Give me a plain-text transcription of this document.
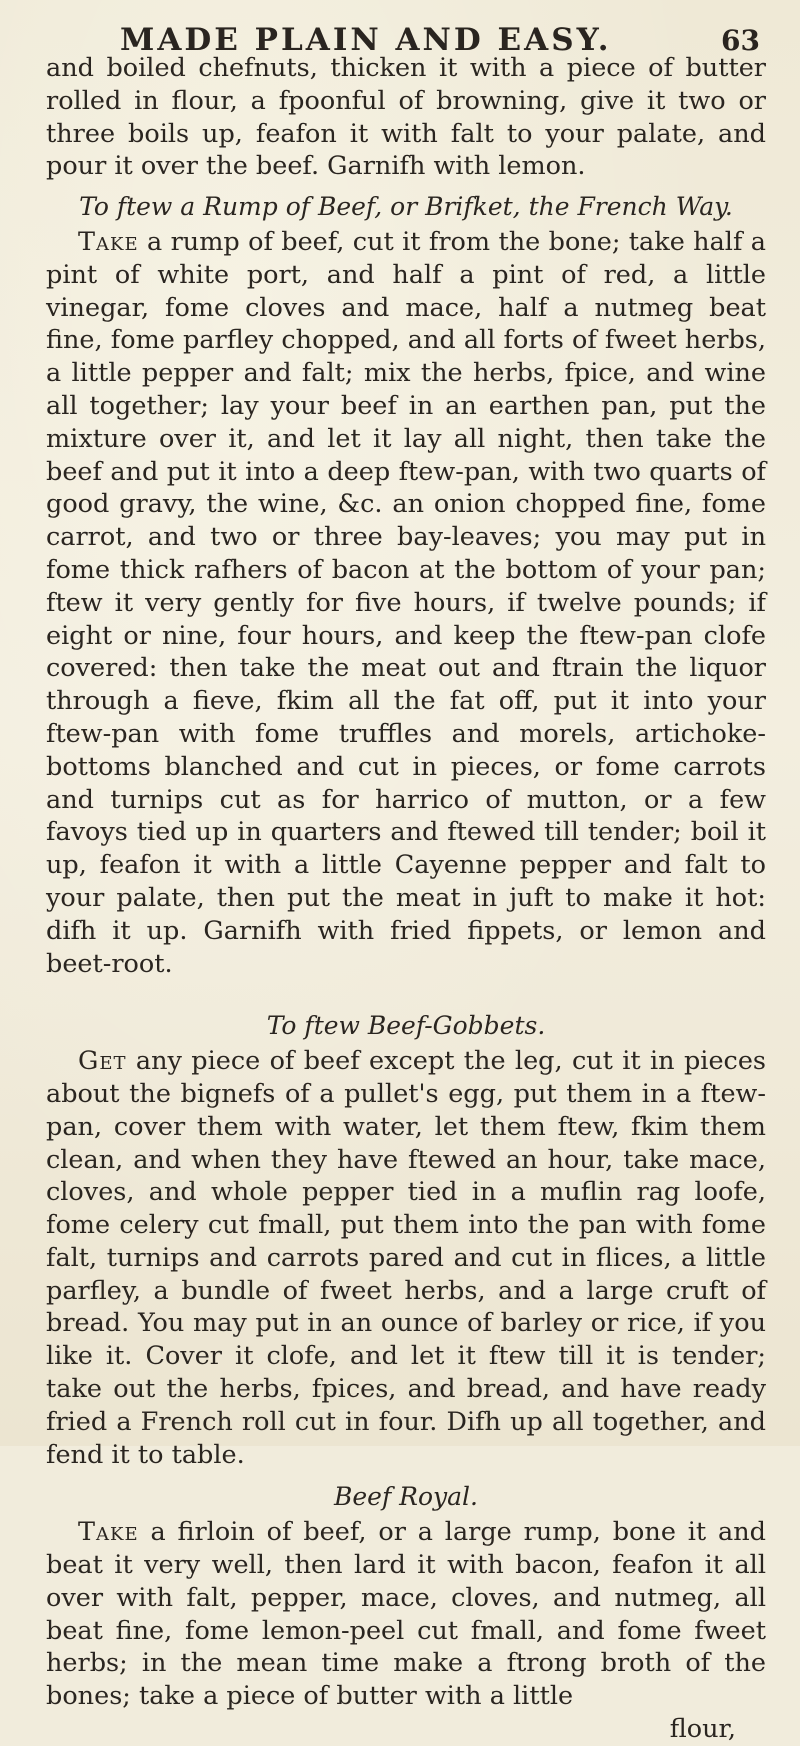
MADE PLAIN AND EASY.	63

and boiled chefnuts, thicken it with a piece of butter rolled in flour, a fpoonful of browning, give it two or three boils up, feafon it with falt to your palate, and pour it over the beef. Garnifh with lemon.

To ftew a Rump of Beef, or Brifket, the French Way.

Take a rump of beef, cut it from the bone; take half a pint of white port, and half a pint of red, a little vinegar, fome cloves and mace, half a nutmeg beat fine, fome parfley chopped, and all forts of fweet herbs, a little pepper and falt; mix the herbs, fpice, and wine all together; lay your beef in an earthen pan, put the mixture over it, and let it lay all night, then take the beef and put it into a deep ftew-pan, with two quarts of good gravy, the wine, &c. an onion chopped fine, fome carrot, and two or three bay-leaves; you may put in fome thick rafhers of bacon at the bottom of your pan; ftew it very gently for five hours, if twelve pounds; if eight or nine, four hours, and keep the ftew-pan clofe covered: then take the meat out and ftrain the liquor through a fieve, fkim all the fat off, put it into your ftew-pan with fome truffles and morels, artichoke-bottoms blanched and cut in pieces, or fome carrots and turnips cut as for harrico of mutton, or a few favoys tied up in quarters and ftewed till tender; boil it up, feafon it with a little Cayenne pepper and falt to your palate, then put the meat in juft to make it hot: difh it up. Garnifh with fried fippets, or lemon and beet-root.

To ftew Beef-Gobbets.

Get any piece of beef except the leg, cut it in pieces about the bignefs of a pullet's egg, put them in a ftew-pan, cover them with water, let them ftew, fkim them clean, and when they have ftewed an hour, take mace, cloves, and whole pepper tied in a muflin rag loofe, fome celery cut fmall, put them into the pan with fome falt, turnips and carrots pared and cut in flices, a little parfley, a bundle of fweet herbs, and a large cruft of bread. You may put in an ounce of barley or rice, if you like it. Cover it clofe, and let it ftew till it is tender; take out the herbs, fpices, and bread, and have ready fried a French roll cut in four. Difh up all together, and fend it to table.

Beef Royal.

Take a firloin of beef, or a large rump, bone it and beat it very well, then lard it with bacon, feafon it all over with falt, pepper, mace, cloves, and nutmeg, all beat fine, fome lemon-peel cut fmall, and fome fweet herbs; in the mean time make a ftrong broth of the bones; take a piece of butter with a little

flour,
